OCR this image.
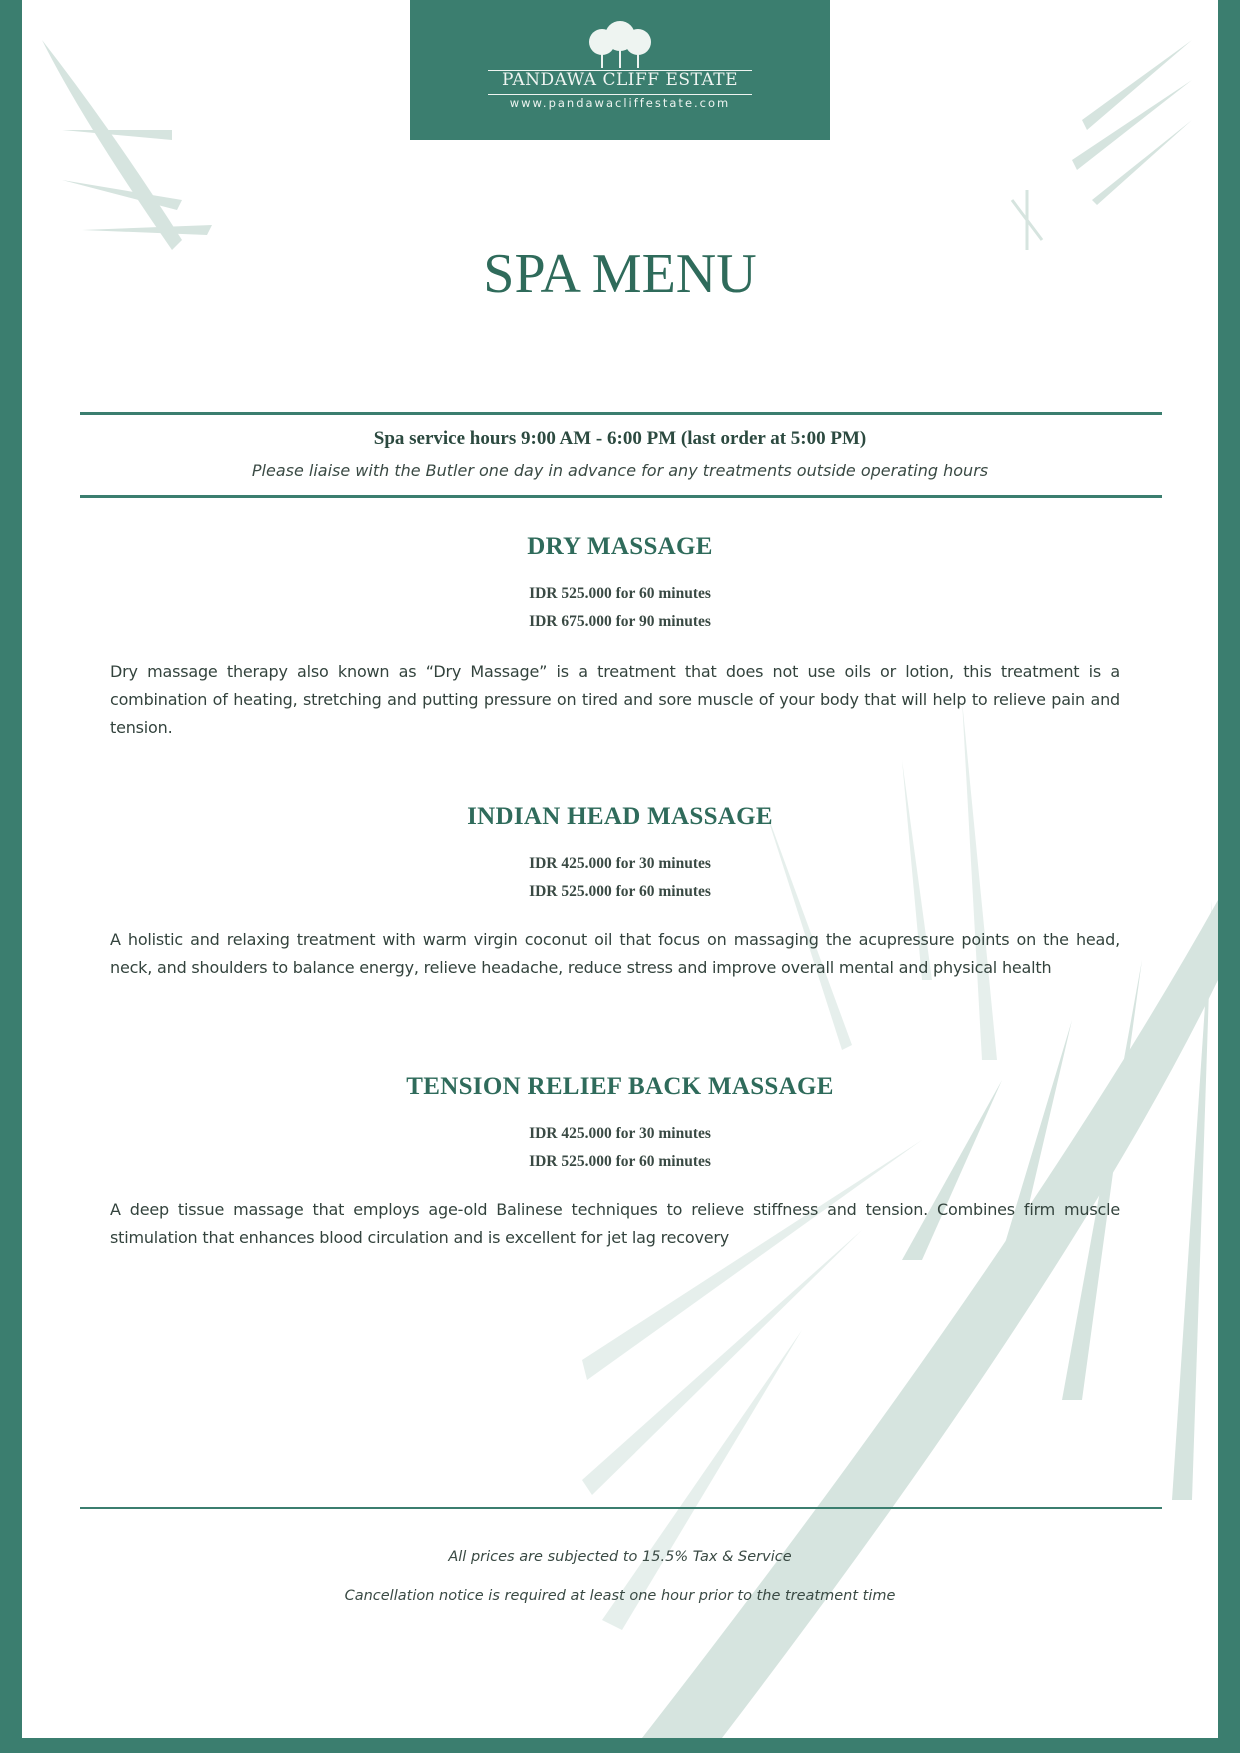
PANDAWA CLIFF ESTATE
www.pandawacliffestate.com
SPA MENU
Spa service hours 9:00 AM - 6:00 PM (last order at 5:00 PM)
Please liaise with the Butler one day in advance for any treatments outside operating hours
DRY MASSAGE
IDR 525.000 for 60 minutes
IDR 675.000 for 90 minutes
Dry massage therapy also known as “Dry Massage” is a treatment that does not use oils or lotion, this treatment is a combination of heating, stretching and putting pressure on tired and sore muscle of your body that will help to relieve pain and tension.
INDIAN HEAD MASSAGE
IDR 425.000 for 30 minutes
IDR 525.000 for 60 minutes
A holistic and relaxing treatment with warm virgin coconut oil that focus on massaging the acupressure points on the head, neck, and shoulders to balance energy, relieve headache, reduce stress and improve overall mental and physical health
TENSION RELIEF BACK MASSAGE
IDR 425.000 for 30 minutes
IDR 525.000 for 60 minutes
A deep tissue massage that employs age-old Balinese techniques to relieve stiffness and tension. Combines firm muscle stimulation that enhances blood circulation and is excellent for jet lag recovery
All prices are subjected to 15.5% Tax & Service
Cancellation notice is required at least one hour prior to the treatment time
